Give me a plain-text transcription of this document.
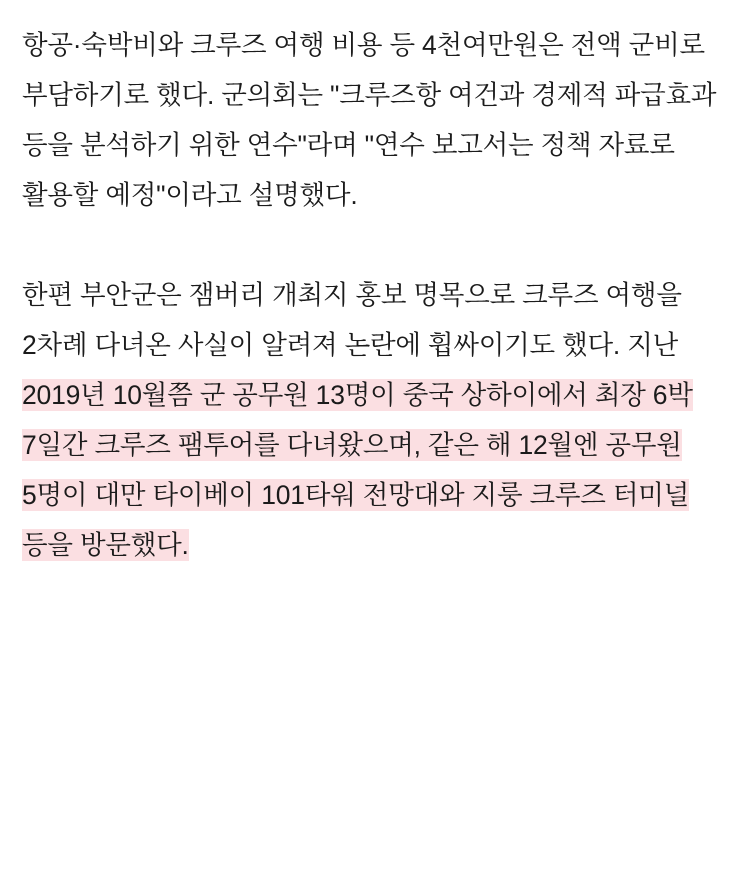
항공·숙박비와 크루즈 여행 비용 등 4천여만원은 전액 군비로 부담하기로 했다. 군의회는 "크루즈항 여건과 경제적 파급효과 등을 분석하기 위한 연수"라며 "연수 보고서는 정책 자료로 활용할 예정"이라고 설명했다.

한편 부안군은 잼버리 개최지 홍보 명목으로 크루즈 여행을 2차례 다녀온 사실이 알려져 논란에 휩싸이기도 했다. 지난 2019년 10월쯤 군 공무원 13명이 중국 상하이에서 최장 6박 7일간 크루즈 팸투어를 다녀왔으며, 같은 해 12월엔 공무원 5명이 대만 타이베이 101타워 전망대와 지룽 크루즈 터미널 등을 방문했다.
